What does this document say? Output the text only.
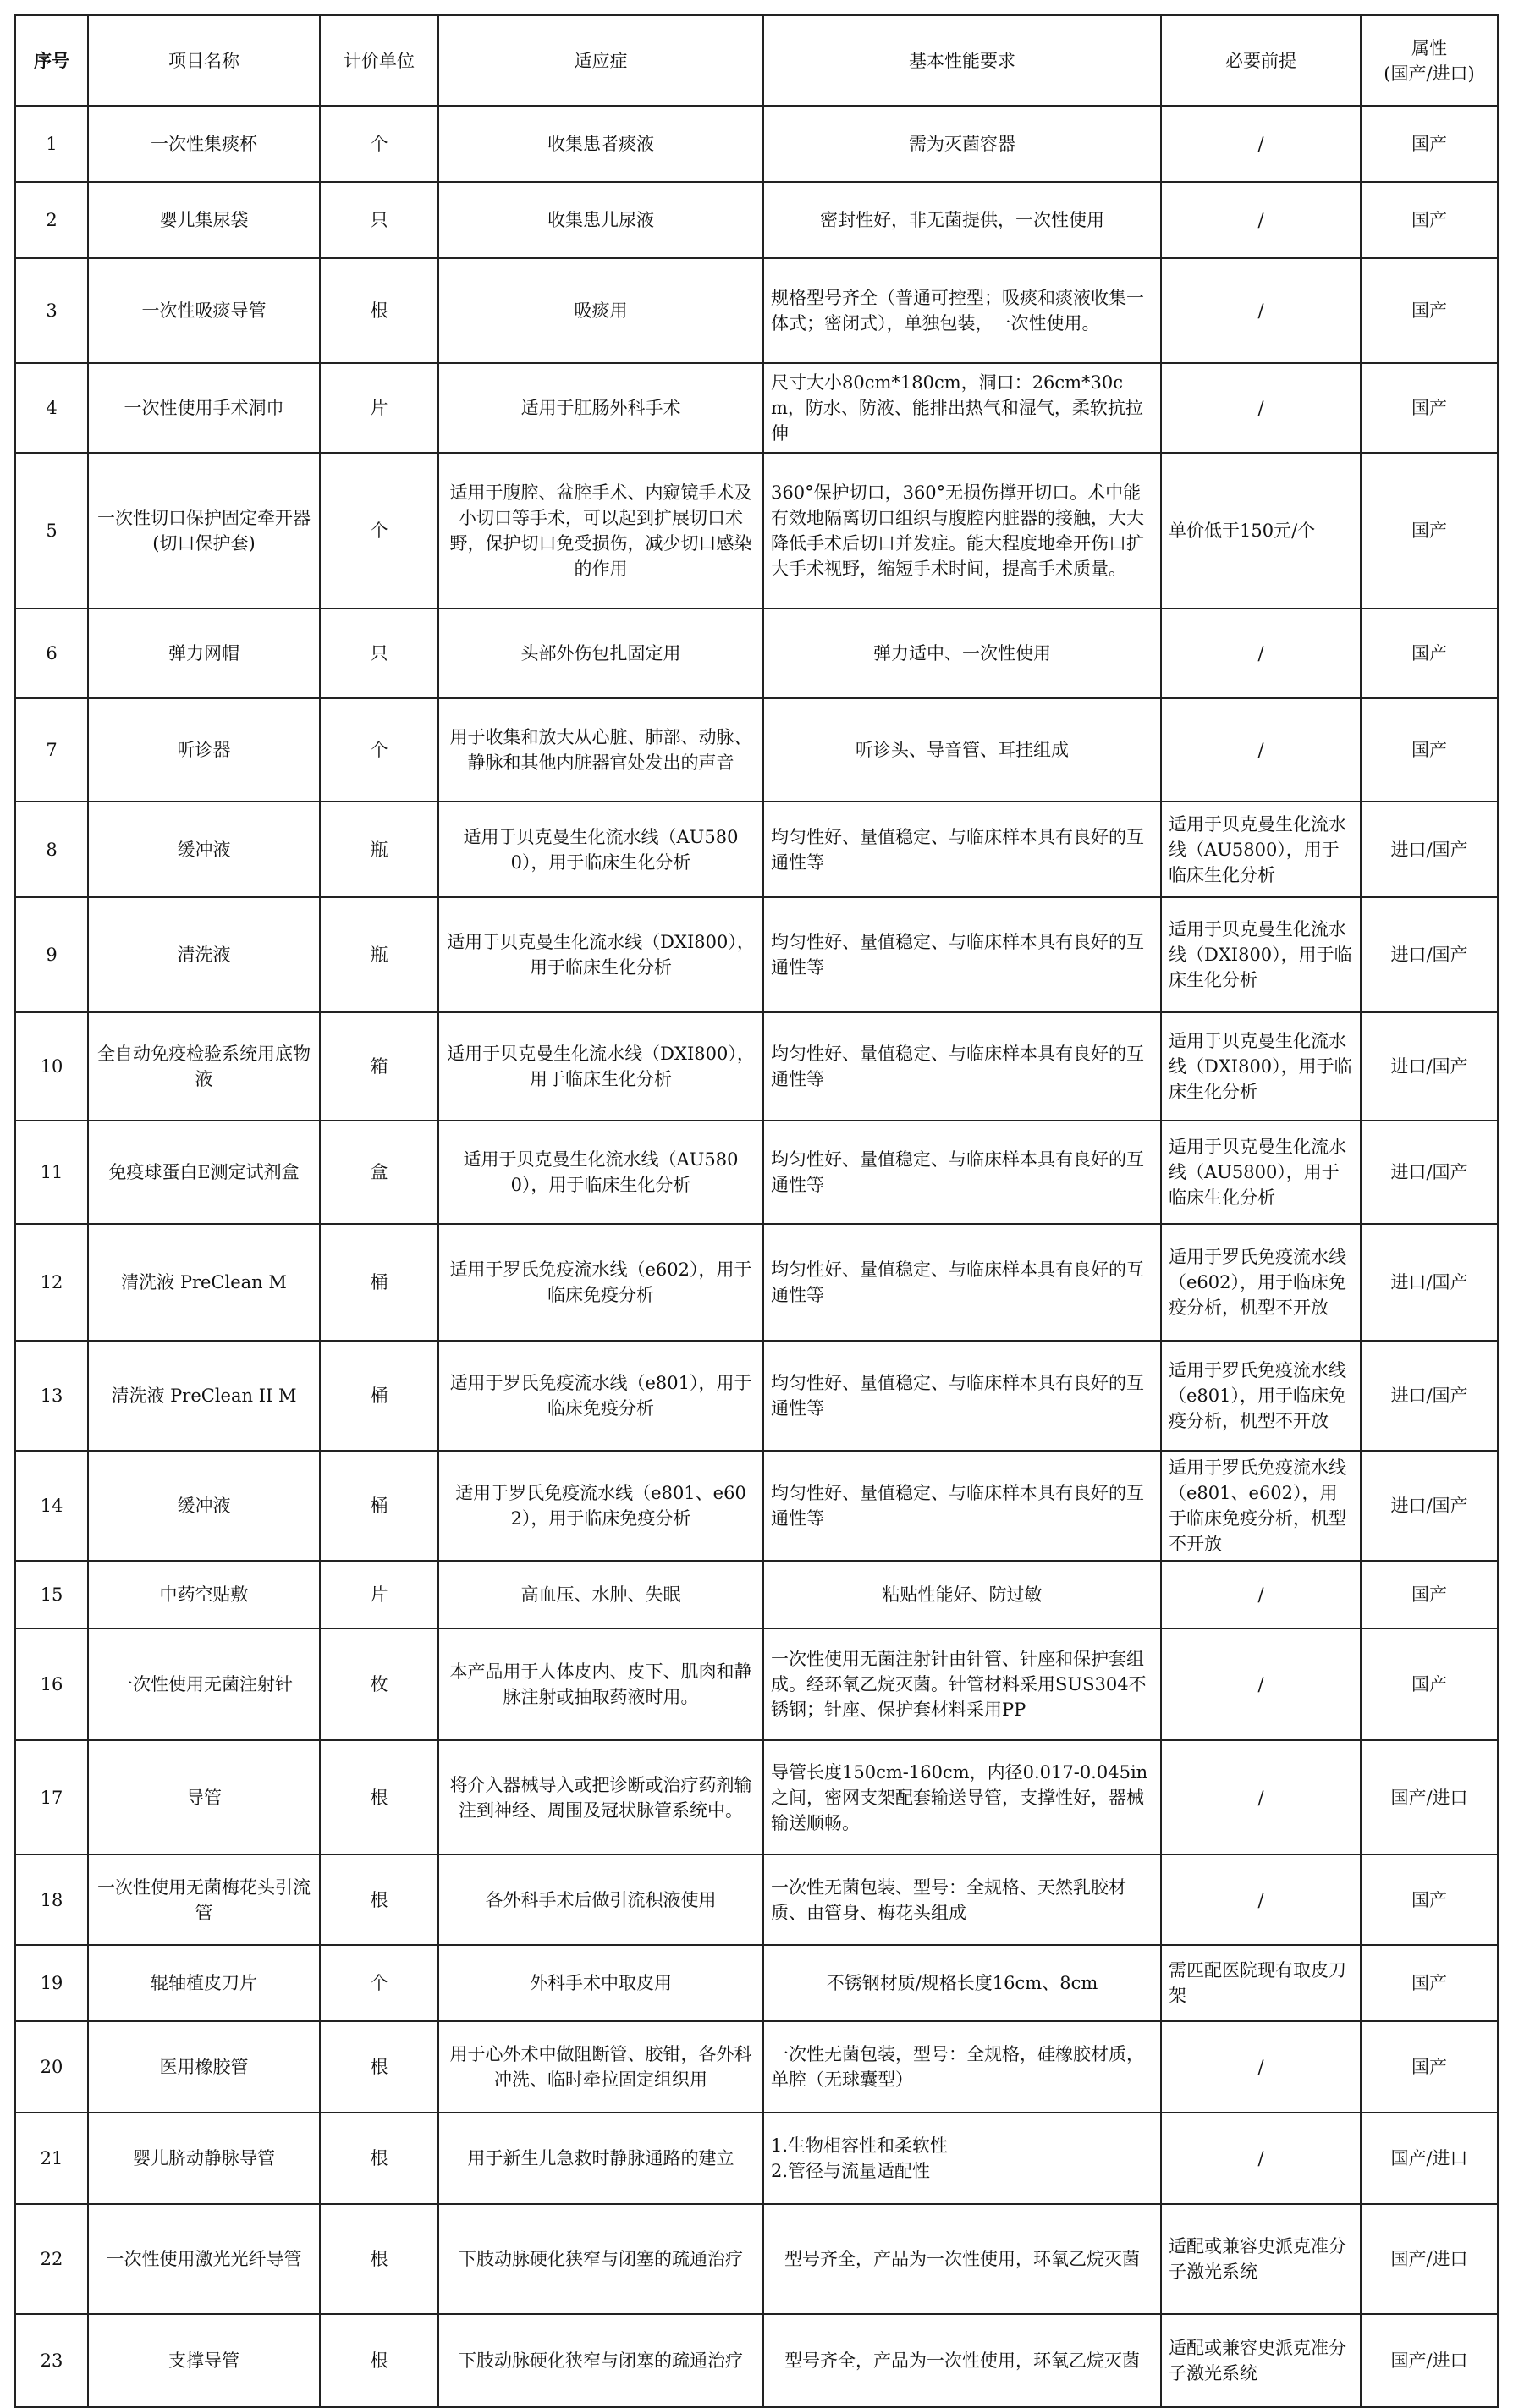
序号	项目名称	计价单位	适应症	基本性能要求	必要前提	属性
(国产/进口)
1	一次性集痰杯	个	收集患者痰液	需为灭菌容器	/	国产
2	婴儿集尿袋	只	收集患儿尿液	密封性好，非无菌提供，一次性使用	/	国产
3	一次性吸痰导管	根	吸痰用	规格型号齐全（普通可控型；吸痰和痰液收集一体式；密闭式），单独包装，一次性使用。	/	国产
4	一次性使用手术洞巾	片	适用于肛肠外科手术	尺寸大小80cm*180cm，洞口：26cm*30cm，防水、防液、能排出热气和湿气，柔软抗拉伸	/	国产
5	一次性切口保护固定牵开器
(切口保护套)	个	适用于腹腔、盆腔手术、内窥镜手术及小切口等手术，可以起到扩展切口术野，保护切口免受损伤，减少切口感染的作用	360°保护切口，360°无损伤撑开切口。术中能有效地隔离切口组织与腹腔内脏器的接触，大大降低手术后切口并发症。能大程度地牵开伤口扩大手术视野，缩短手术时间，提高手术质量。	单价低于150元/个	国产
6	弹力网帽	只	头部外伤包扎固定用	弹力适中、一次性使用	/	国产
7	听诊器	个	用于收集和放大从心脏、肺部、动脉、静脉和其他内脏器官处发出的声音	听诊头、导音管、耳挂组成	/	国产
8	缓冲液	瓶	适用于贝克曼生化流水线（AU5800），用于临床生化分析	均匀性好、量值稳定、与临床样本具有良好的互通性等	适用于贝克曼生化流水线（AU5800），用于临床生化分析	进口/国产
9	清洗液	瓶	适用于贝克曼生化流水线（DXI800），用于临床生化分析	均匀性好、量值稳定、与临床样本具有良好的互通性等	适用于贝克曼生化流水线（DXI800），用于临床生化分析	进口/国产
10	全自动免疫检验系统用底物液	箱	适用于贝克曼生化流水线（DXI800），用于临床生化分析	均匀性好、量值稳定、与临床样本具有良好的互通性等	适用于贝克曼生化流水线（DXI800），用于临床生化分析	进口/国产
11	免疫球蛋白E测定试剂盒	盒	适用于贝克曼生化流水线（AU5800），用于临床生化分析	均匀性好、量值稳定、与临床样本具有良好的互通性等	适用于贝克曼生化流水线（AU5800），用于临床生化分析	进口/国产
12	清洗液 PreClean M	桶	适用于罗氏免疫流水线（e602），用于临床免疫分析	均匀性好、量值稳定、与临床样本具有良好的互通性等	适用于罗氏免疫流水线（e602），用于临床免疫分析，机型不开放	进口/国产
13	清洗液 PreClean II M	桶	适用于罗氏免疫流水线（e801），用于临床免疫分析	均匀性好、量值稳定、与临床样本具有良好的互通性等	适用于罗氏免疫流水线（e801），用于临床免疫分析，机型不开放	进口/国产
14	缓冲液	桶	适用于罗氏免疫流水线（e801、e602），用于临床免疫分析	均匀性好、量值稳定、与临床样本具有良好的互通性等	适用于罗氏免疫流水线（e801、e602），用于临床免疫分析，机型不开放	进口/国产
15	中药空贴敷	片	高血压、水肿、失眠	粘贴性能好、防过敏	/	国产
16	一次性使用无菌注射针	枚	本产品用于人体皮内、皮下、肌肉和静脉注射或抽取药液时用。	一次性使用无菌注射针由针管、针座和保护套组成。经环氧乙烷灭菌。针管材料采用SUS304不锈钢；针座、保护套材料采用PP	/	国产
17	导管	根	将介入器械导入或把诊断或治疗药剂输注到神经、周围及冠状脉管系统中。	导管长度150cm-160cm，内径0.017-0.045in之间，密网支架配套输送导管，支撑性好，器械输送顺畅。	/	国产/进口
18	一次性使用无菌梅花头引流管	根	各外科手术后做引流积液使用	一次性无菌包装、型号：全规格、天然乳胶材质、由管身、梅花头组成	/	国产
19	辊轴植皮刀片	个	外科手术中取皮用	不锈钢材质/规格长度16cm、8cm	需匹配医院现有取皮刀架	国产
20	医用橡胶管	根	用于心外术中做阻断管、胶钳，各外科冲洗、临时牵拉固定组织用	一次性无菌包装，型号：全规格，硅橡胶材质，单腔（无球囊型）	/	国产
21	婴儿脐动静脉导管	根	用于新生儿急救时静脉通路的建立	1.生物相容性和柔软性
2.管径与流量适配性	/	国产/进口
22	一次性使用激光光纤导管	根	下肢动脉硬化狭窄与闭塞的疏通治疗	型号齐全，产品为一次性使用，环氧乙烷灭菌	适配或兼容史派克准分子激光系统	国产/进口
23	支撑导管	根	下肢动脉硬化狭窄与闭塞的疏通治疗	型号齐全，产品为一次性使用，环氧乙烷灭菌	适配或兼容史派克准分子激光系统	国产/进口
